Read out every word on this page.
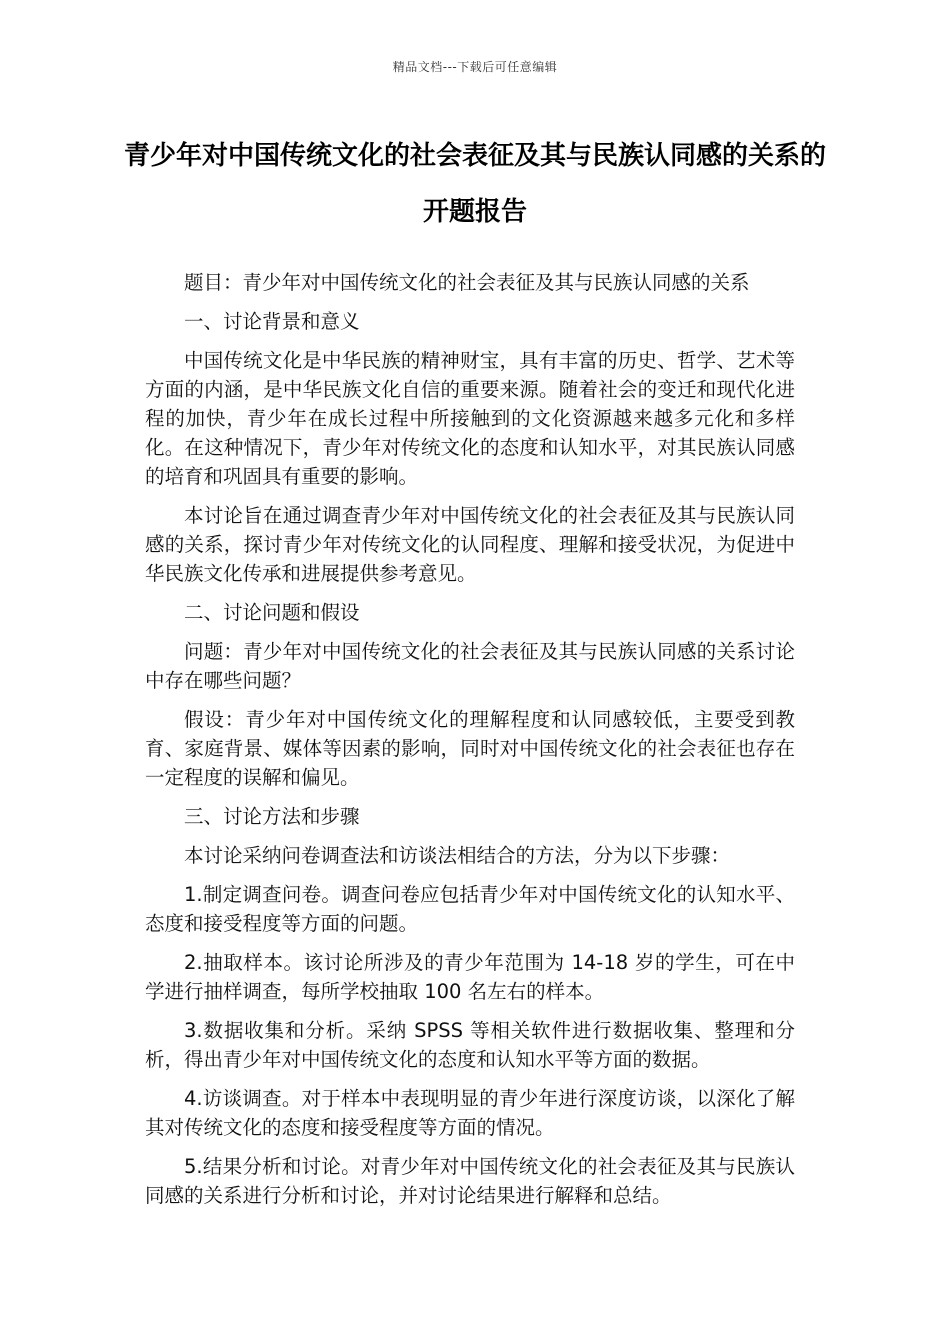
精品文档---下载后可任意编辑
青少年对中国传统文化的社会表征及其与民族认同感的关系的开题报告

题目：青少年对中国传统文化的社会表征及其与民族认同感的关系

一、讨论背景和意义

中国传统文化是中华民族的精神财宝，具有丰富的历史、哲学、艺术等方面的内涵，是中华民族文化自信的重要来源。随着社会的变迁和现代化进程的加快，青少年在成长过程中所接触到的文化资源越来越多元化和多样化。在这种情况下，青少年对传统文化的态度和认知水平，对其民族认同感的培育和巩固具有重要的影响。

本讨论旨在通过调查青少年对中国传统文化的社会表征及其与民族认同感的关系，探讨青少年对传统文化的认同程度、理解和接受状况，为促进中华民族文化传承和进展提供参考意见。

二、讨论问题和假设

问题：青少年对中国传统文化的社会表征及其与民族认同感的关系讨论中存在哪些问题？

假设：青少年对中国传统文化的理解程度和认同感较低，主要受到教育、家庭背景、媒体等因素的影响，同时对中国传统文化的社会表征也存在一定程度的误解和偏见。

三、讨论方法和步骤

本讨论采纳问卷调查法和访谈法相结合的方法，分为以下步骤：

1.制定调查问卷。调查问卷应包括青少年对中国传统文化的认知水平、态度和接受程度等方面的问题。

2.抽取样本。该讨论所涉及的青少年范围为 14-18 岁的学生，可在中学进行抽样调查，每所学校抽取 100 名左右的样本。

3.数据收集和分析。采纳 SPSS 等相关软件进行数据收集、整理和分析，得出青少年对中国传统文化的态度和认知水平等方面的数据。

4.访谈调查。对于样本中表现明显的青少年进行深度访谈，以深化了解其对传统文化的态度和接受程度等方面的情况。

5.结果分析和讨论。对青少年对中国传统文化的社会表征及其与民族认同感的关系进行分析和讨论，并对讨论结果进行解释和总结。
